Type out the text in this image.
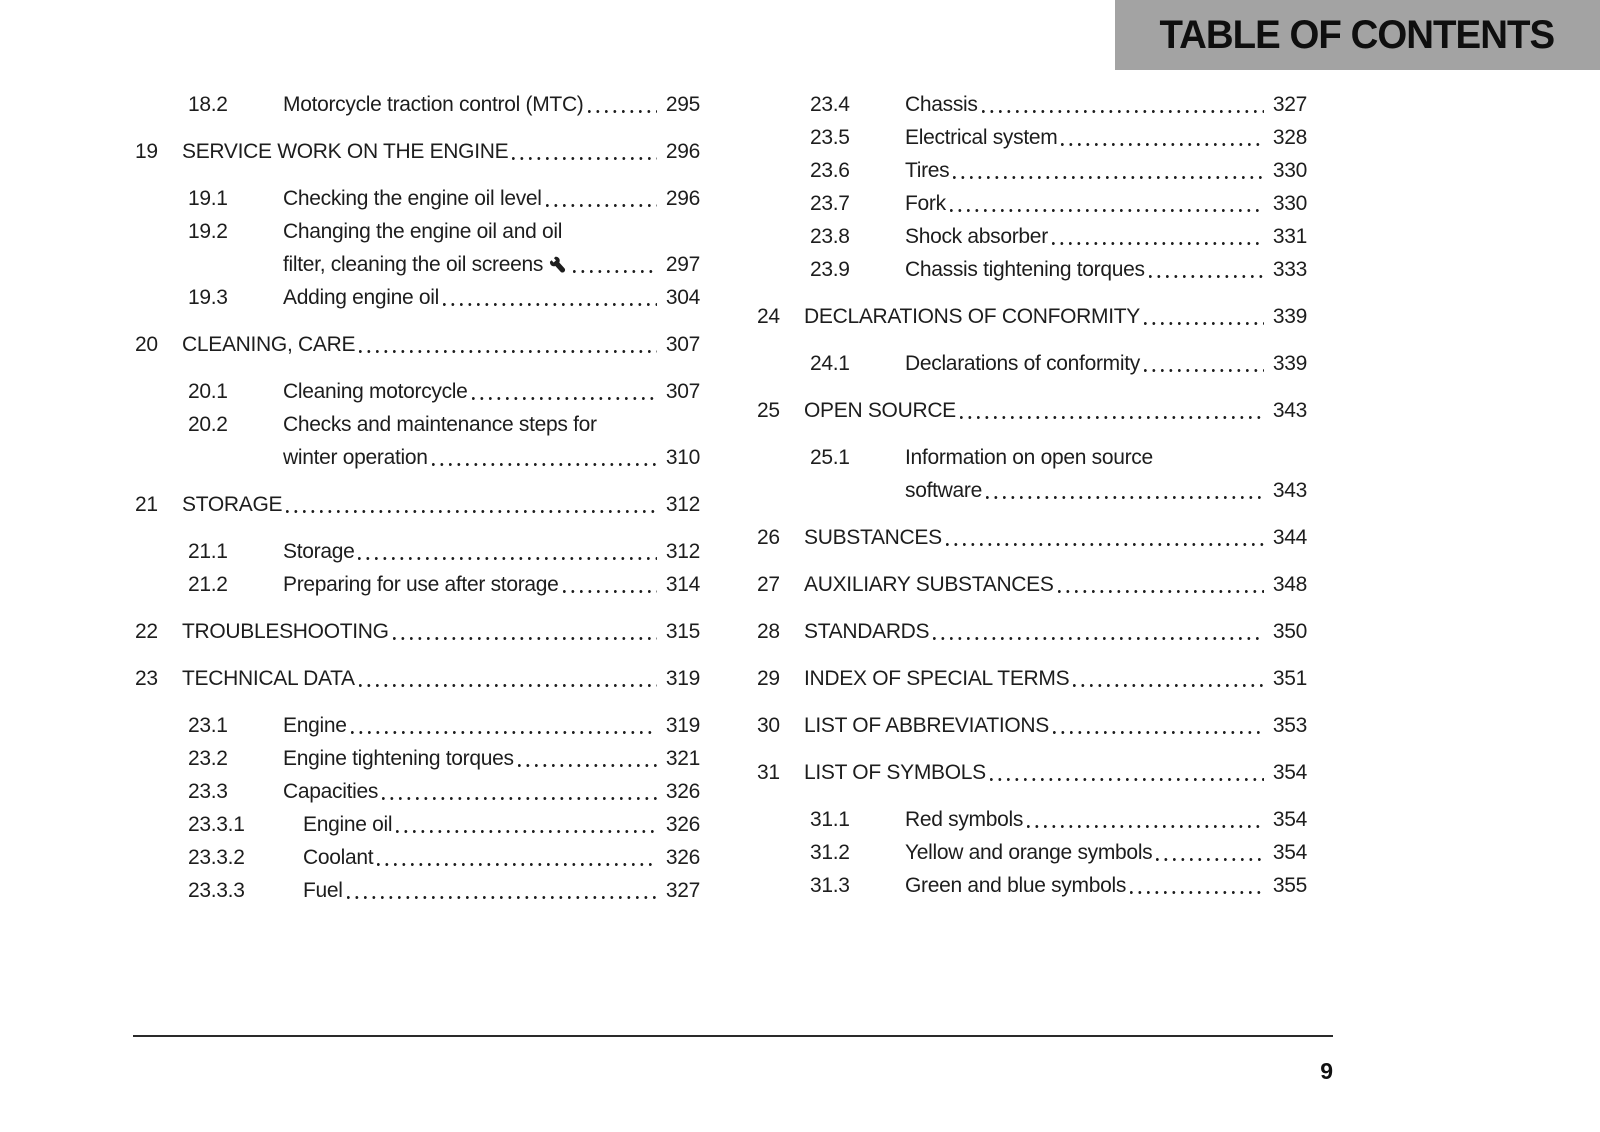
TABLE OF CONTENTS
18.2	Motorcycle traction control (MTC)	295
19	SERVICE WORK ON THE ENGINE	296
19.1	Checking the engine oil level	296
19.2	Changing the engine oil and oil
filter, cleaning the oil screens	297
19.3	Adding engine oil	304
20	CLEANING, CARE	307
20.1	Cleaning motorcycle	307
20.2	Checks and maintenance steps for
winter operation	310
21	STORAGE	312
21.1	Storage	312
21.2	Preparing for use after storage	314
22	TROUBLESHOOTING	315
23	TECHNICAL DATA	319
23.1	Engine	319
23.2	Engine tightening torques	321
23.3	Capacities	326
23.3.1	Engine oil	326
23.3.2	Coolant	326
23.3.3	Fuel	327
23.4	Chassis	327
23.5	Electrical system	328
23.6	Tires	330
23.7	Fork	330
23.8	Shock absorber	331
23.9	Chassis tightening torques	333
24	DECLARATIONS OF CONFORMITY	339
24.1	Declarations of conformity	339
25	OPEN SOURCE	343
25.1	Information on open source
software	343
26	SUBSTANCES	344
27	AUXILIARY SUBSTANCES	348
28	STANDARDS	350
29	INDEX OF SPECIAL TERMS	351
30	LIST OF ABBREVIATIONS	353
31	LIST OF SYMBOLS	354
31.1	Red symbols	354
31.2	Yellow and orange symbols	354
31.3	Green and blue symbols	355
9
